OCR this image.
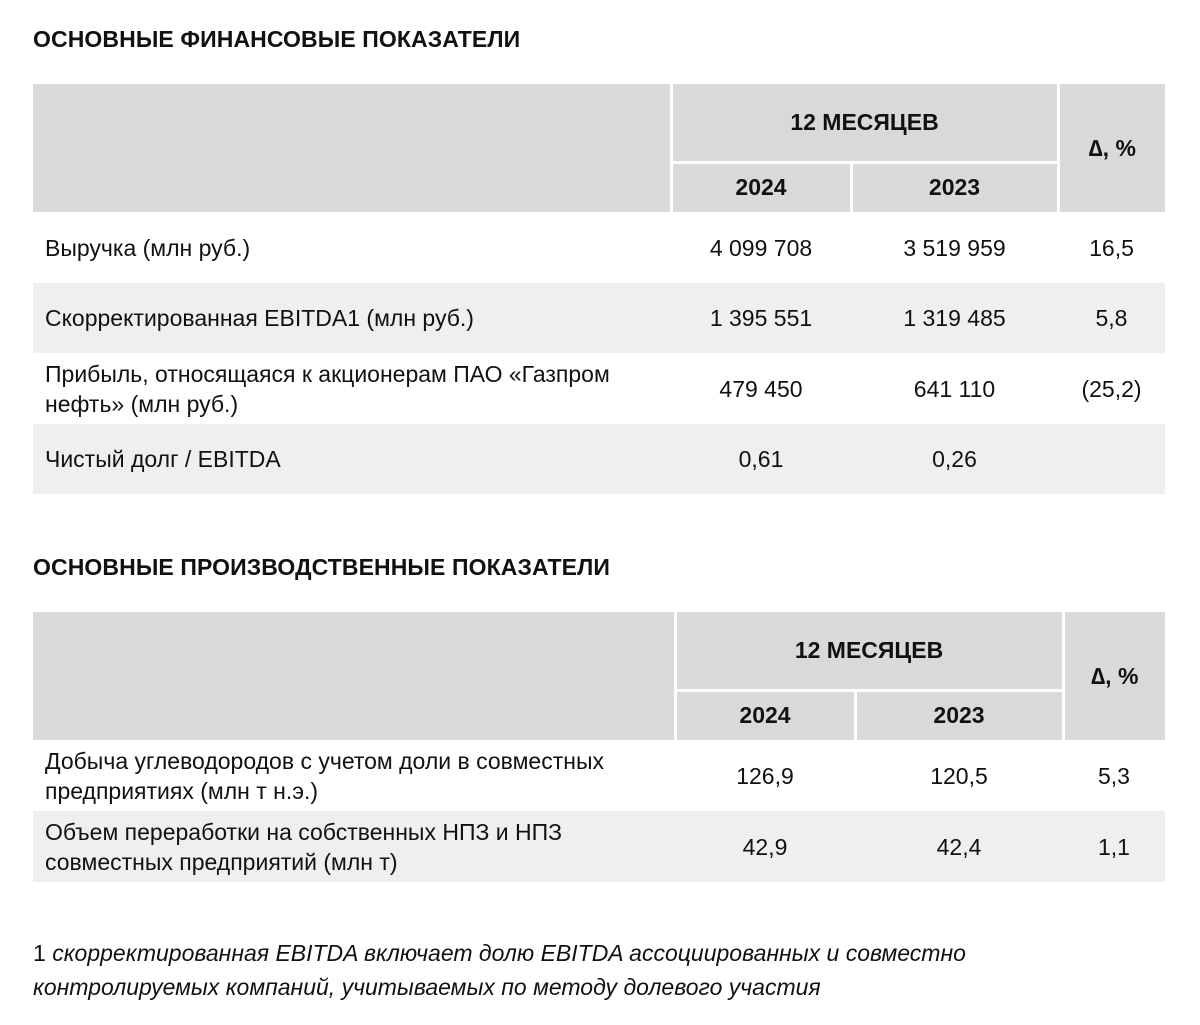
ОСНОВНЫЕ ФИНАНСОВЫЕ ПОКАЗАТЕЛИ
	12 МЕСЯЦЕВ		∆, %
	2024	2023	
Выручка (млн руб.)	4 099 708	3 519 959	16,5
Скорректированная EBITDA1 (млн руб.)	1 395 551	1 319 485	5,8
Прибыль, относящаяся к акционерам ПАО «Газпром нефть» (млн руб.)	479 450	641 110	(25,2)
Чистый долг / EBITDA	0,61	0,26	
ОСНОВНЫЕ ПРОИЗВОДСТВЕННЫЕ ПОКАЗАТЕЛИ
	12 МЕСЯЦЕВ		∆, %
	2024	2023	
Добыча углеводородов с учетом доли в совместных предприятиях (млн т н.э.)	126,9	120,5	5,3
Объем переработки на собственных НПЗ и НПЗ совместных предприятий (млн т)	42,9	42,4	1,1
1 скорректированная EBITDA включает долю EBITDA ассоциированных и совместно контролируемых компаний, учитываемых по методу долевого участия
